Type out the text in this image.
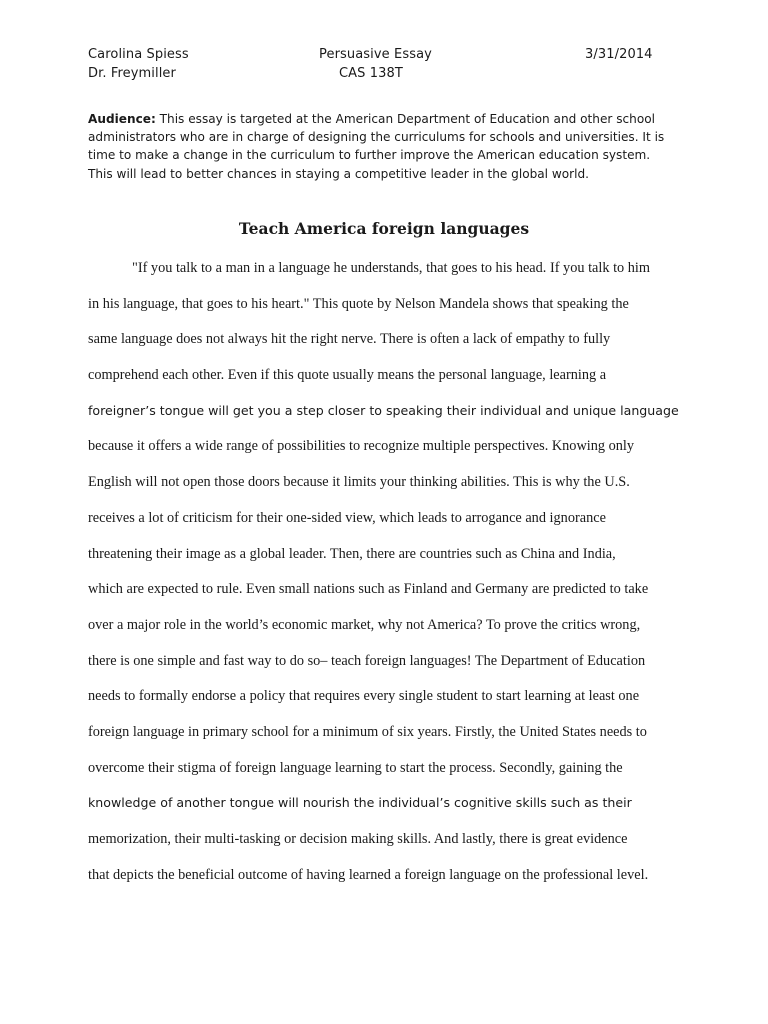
Carolina Spiess	Persuasive Essay	3/31/2014
Dr. Freymiller	CAS 138T
Audience: This essay is targeted at the American Department of Education and other school administrators who are in charge of designing the curriculums for schools and universities. It is time to make a change in the curriculum to further improve the American education system. This will lead to better chances in staying a competitive leader in the global world.
Teach America foreign languages
"If you talk to a man in a language he understands, that goes to his head. If you talk to him
in his language, that goes to his heart." This quote by Nelson Mandela shows that speaking the
same language does not always hit the right nerve. There is often a lack of empathy to fully
comprehend each other. Even if this quote usually means the personal language, learning a
foreigner’s tongue will get you a step closer to speaking their individual and unique language
because it offers a wide range of possibilities to recognize multiple perspectives. Knowing only
English will not open those doors because it limits your thinking abilities. This is why the U.S.
receives a lot of criticism for their one-sided view, which leads to arrogance and ignorance
threatening their image as a global leader. Then, there are countries such as China and India,
which are expected to rule. Even small nations such as Finland and Germany are predicted to take
over a major role in the world’s economic market, why not America? To prove the critics wrong,
there is one simple and fast way to do so– teach foreign languages! The Department of Education
needs to formally endorse a policy that requires every single student to start learning at least one
foreign language in primary school for a minimum of six years. Firstly, the United States needs to
overcome their stigma of foreign language learning to start the process. Secondly, gaining the
knowledge of another tongue will nourish the individual’s cognitive skills such as their
memorization, their multi-tasking or decision making skills. And lastly, there is great evidence
that depicts the beneficial outcome of having learned a foreign language on the professional level.
